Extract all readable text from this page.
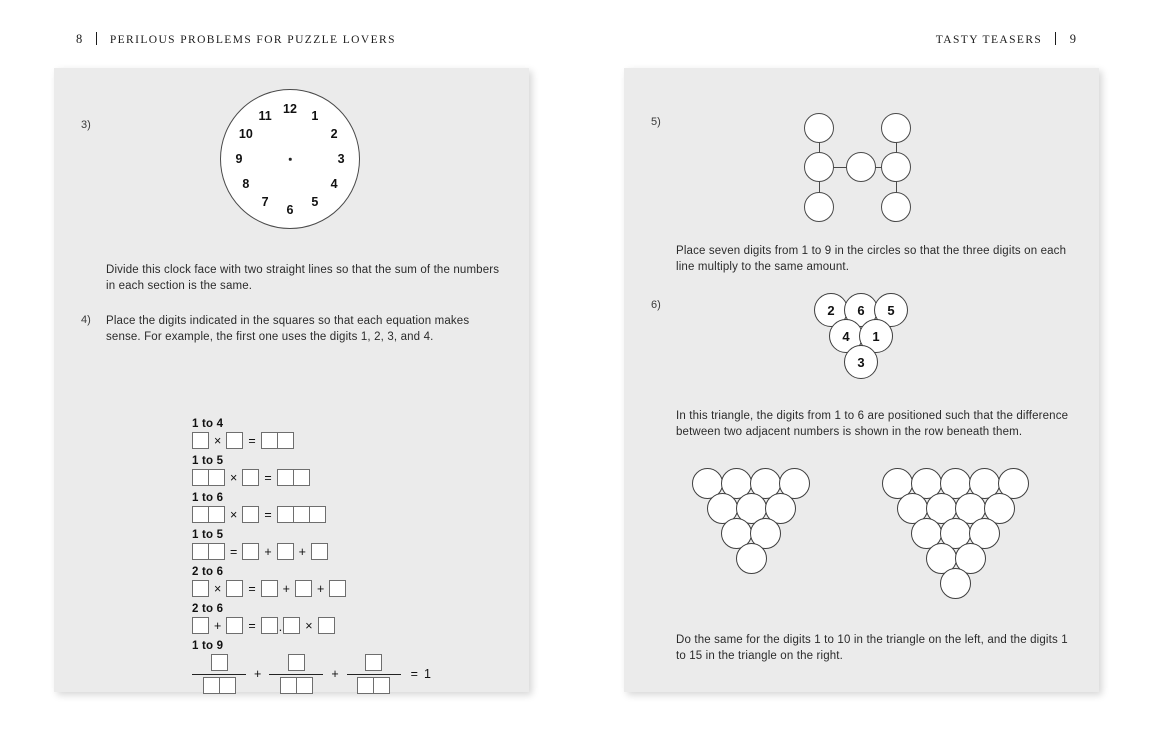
8 PERILOUS PROBLEMS FOR PUZZLE LOVERS	TASTY TEASERS 9
3)
12 1
2
3
4
5
6
7
8
9
10
11
Divide this clock face with two straight lines so that the sum of the numbers in each section is the same.
4) Place the digits indicated in the squares so that each equation makes sense. For example, the first one uses the digits 1, 2, 3, and 4.
1 to 4
× =
1 to 5
× =
1 to 6
× =
1 to 5
= + +
2 to 6
× = + +
2 to 6
+ = . ×
1 to 9
+	+	= 1
5)
Place seven digits from 1 to 9 in the circles so that the three digits on each line multiply to the same amount.
6)	2	6	5
4	1
3
In this triangle, the digits from 1 to 6 are positioned such that the difference between two adjacent numbers is shown in the row beneath them.
Do the same for the digits 1 to 10 in the triangle on the left, and the digits 1 to 15 in the triangle on the right.
